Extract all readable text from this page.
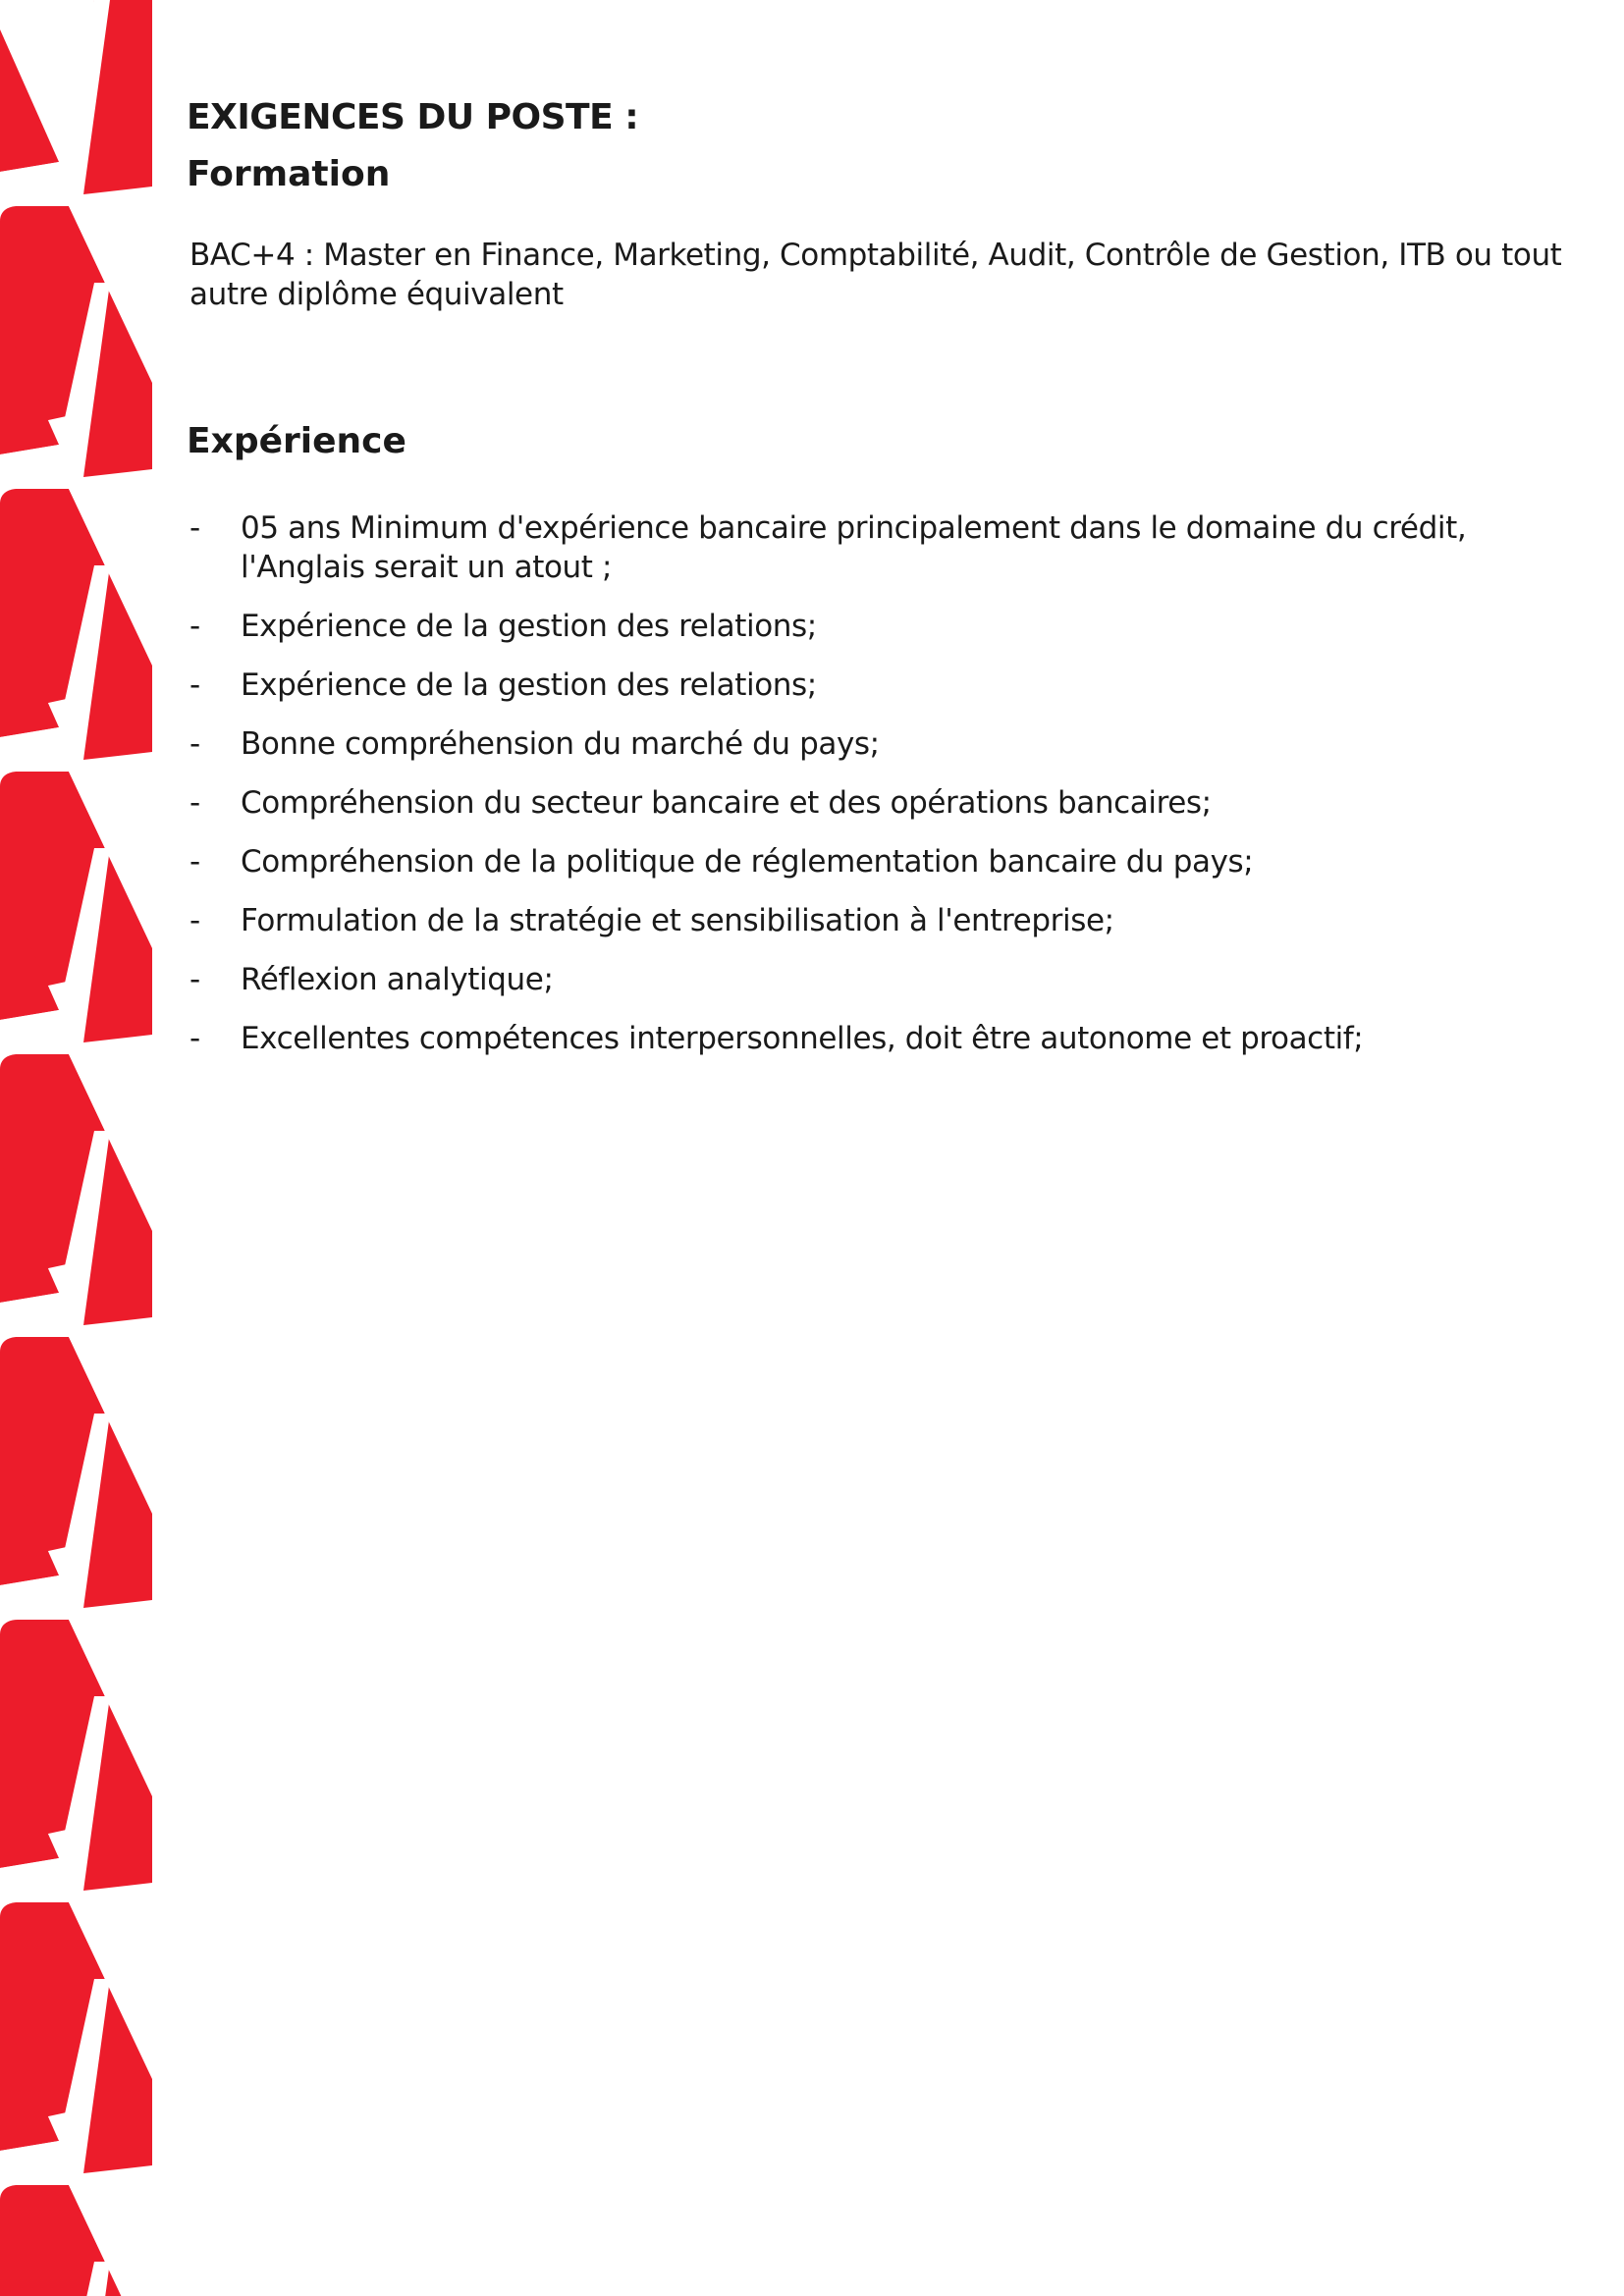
EXIGENCES DU POSTE :
Formation

BAC+4 : Master en Finance, Marketing, Comptabilité, Audit, Contrôle de Gestion, ITB ou tout autre diplôme équivalent

Expérience
-	05 ans Minimum d'expérience bancaire principalement dans le domaine du crédit, l'Anglais serait un atout ;
-	Expérience de la gestion des relations;
-	Expérience de la gestion des relations;
-	Bonne compréhension du marché du pays;
-	Compréhension du secteur bancaire et des opérations bancaires;
-	Compréhension de la politique de réglementation bancaire du pays;
-	Formulation de la stratégie et sensibilisation à l'entreprise;
-	Réflexion analytique;
-	Excellentes compétences interpersonnelles, doit être autonome et proactif;
